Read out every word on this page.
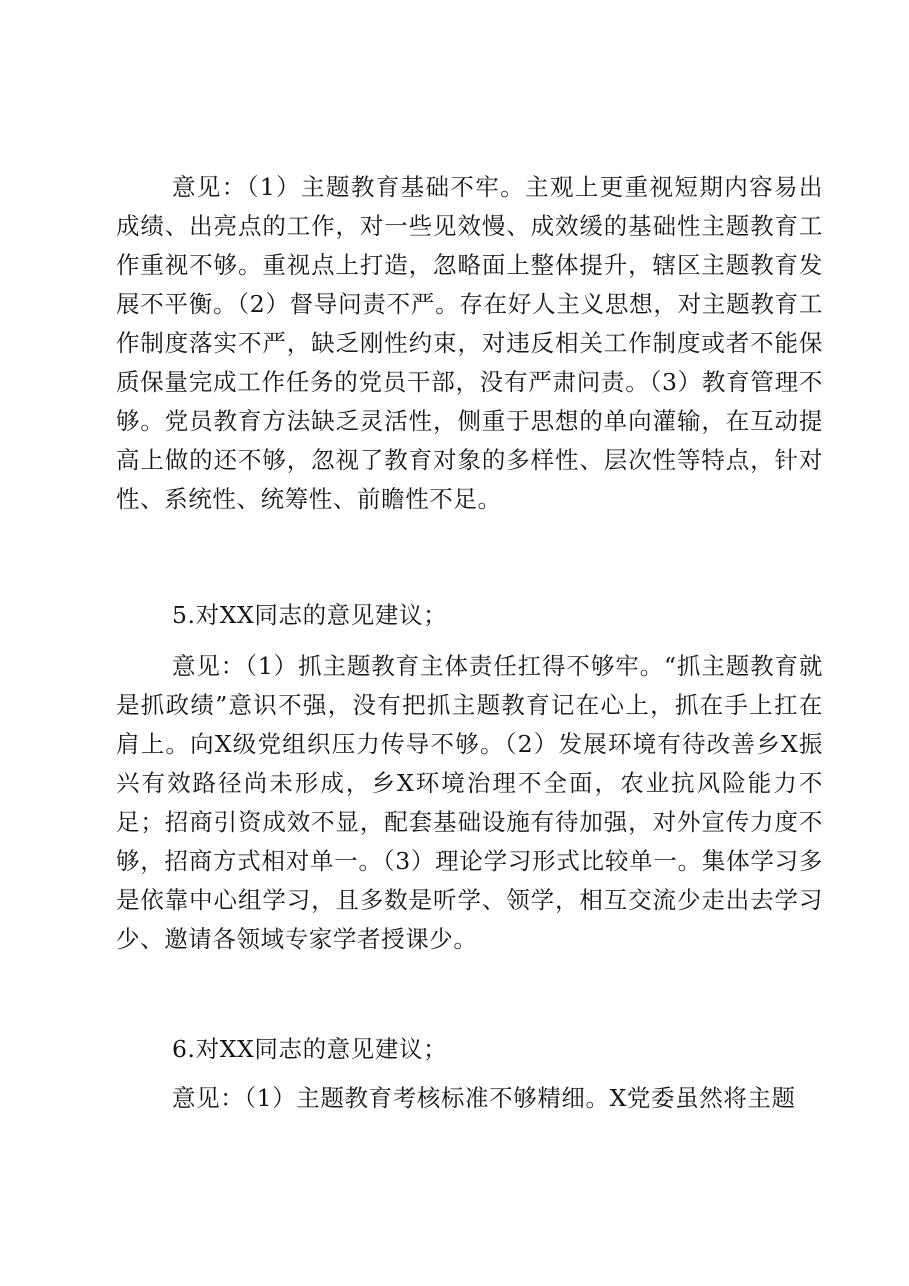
意见：（1）主题教育基础不牢。主观上更重视短期内容易出成绩、出亮点的工作，对一些见效慢、成效缓的基础性主题教育工作重视不够。重视点上打造，忽略面上整体提升，辖区主题教育发展不平衡。（2）督导问责不严。存在好人主义思想，对主题教育工作制度落实不严，缺乏刚性约束，对违反相关工作制度或者不能保质保量完成工作任务的党员干部，没有严肃问责。（3）教育管理不够。党员教育方法缺乏灵活性，侧重于思想的单向灌输，在互动提高上做的还不够，忽视了教育对象的多样性、层次性等特点，针对性、系统性、统筹性、前瞻性不足。

5.对XX同志的意见建议；

意见：（1）抓主题教育主体责任扛得不够牢。“抓主题教育就是抓政绩”意识不强，没有把抓主题教育记在心上，抓在手上扛在肩上。向X级党组织压力传导不够。（2）发展环境有待改善乡X振兴有效路径尚未形成，乡X环境治理不全面，农业抗风险能力不足；招商引资成效不显，配套基础设施有待加强，对外宣传力度不够，招商方式相对单一。（3）理论学习形式比较单一。集体学习多是依靠中心组学习，且多数是听学、领学，相互交流少走出去学习少、邀请各领域专家学者授课少。

6.对XX同志的意见建议；

意见：（1）主题教育考核标准不够精细。X党委虽然将主题
